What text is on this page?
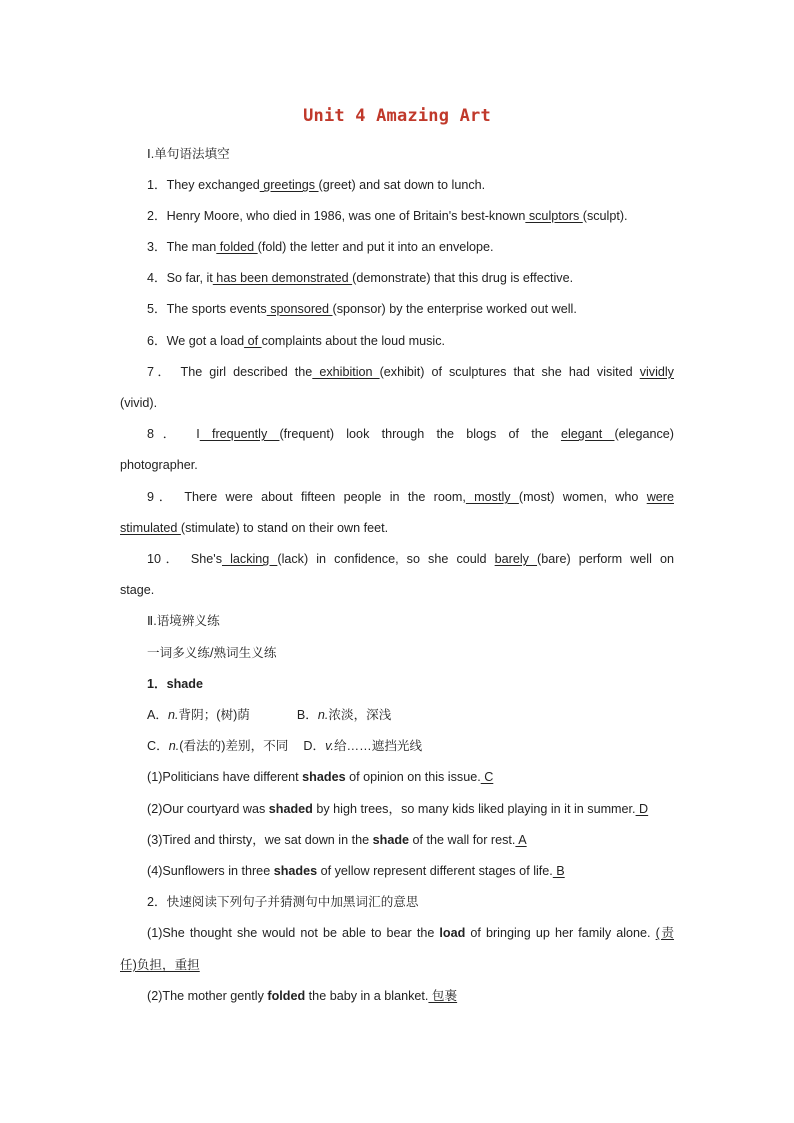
Unit 4 Amazing Art
Ⅰ.单句语法填空
1．They exchanged greetings (greet) and sat down to lunch.
2．Henry Moore, who died in 1986, was one of Britain's best-known sculptors (sculpt).
3．The man folded (fold) the letter and put it into an envelope.
4．So far, it has been demonstrated (demonstrate) that this drug is effective.
5．The sports events sponsored (sponsor) by the enterprise worked out well.
6．We got a load of complaints about the loud music.
7． The girl described the exhibition (exhibit) of sculptures that she had visited vividly
(vivid).
8． I frequently (frequent) look through the blogs of the elegant (elegance)
photographer.
9． There were about fifteen people in the room, mostly (most) women, who were
stimulated (stimulate) to stand on their own feet.
10． She's lacking (lack) in confidence, so she could barely (bare) perform well on
stage.
Ⅱ.语境辨义练
一词多义练/熟词生义练
1．shade
A．n.背阴；(树)荫	B．n.浓淡，深浅
C．n.(看法的)差别，不同 D．v.给……遮挡光线
(1)Politicians have different shades of opinion on this issue. C
(2)Our courtyard was shaded by high trees，so many kids liked playing in it in summer. D
(3)Tired and thirsty，we sat down in the shade of the wall for rest. A
(4)Sunflowers in three shades of yellow represent different stages of life. B
2．快速阅读下列句子并猜测句中加黑词汇的意思
(1)She thought she would not be able to bear the load of bringing up her family alone. (责
任)负担，重担
(2)The mother gently folded the baby in a blanket. 包裹
